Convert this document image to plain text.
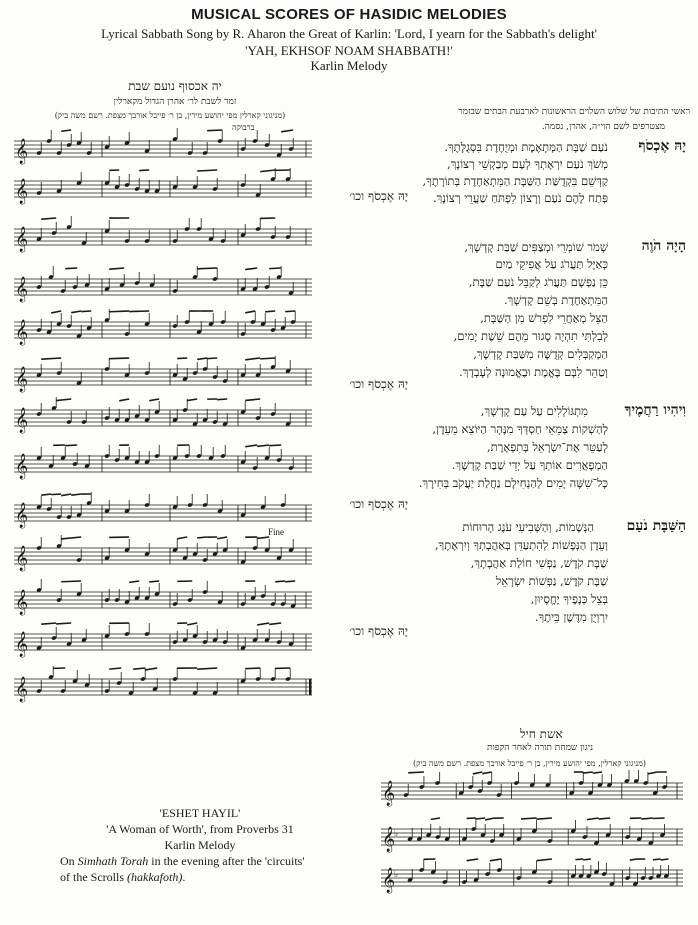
MUSICAL SCORES OF HASIDIC MELODIES
Lyrical Sabbath Song by R. Aharon the Great of Karlin: 'Lord, I yearn for the Sabbath's delight'
'YAH, EKHSOF NOAM SHABBATH!'
Karlin Melody
יה אכסוף נועם שבת
זמר לשבת לר׳ אהרן הגדול מקארלין
(מניגוני קארלין מפי יהושע מירין, בן ר׳ פייבל אורבך מצפת. רשם משה ביק)
ברבוקה
ראשי התיבות של שלוש השלוים הראשונות לארבעת הבתים שבזמר
מצטרפים לשם הוי״ה, אהרן, נסמה.
יָהּ אֶכְסֹף וכו׳
יָהּ אֶכְסֹף וכו׳
יָהּ אֶכְסֹף וכו׳
יָהּ אֶכְסֹף וכו׳
Fine
יָהּ אֶכְסֹף
נֹעַם שַׁבָּת הַמְּתָאֶמֶת וּמְיֻחֶדֶת בִּסְגֻלָּתֶךָ.
מְשֹׁךְ נֹעַם יִרְאָתְךָ לְעַם מְבַקְשֵׁי רְצוֹנָךְ,
קַדְּשֵׁם בִּקְדֻשַּׁת הַשַּׁבָּת הַמִּתְאַחֶדֶת בְּתוֹרָתֶךָ,
פְּתַח לָהֶם נֹעַם וְרָצוֹן לִפְתֹּחַ שַׁעֲרֵי רְצוֹנָךְ.
הָיָה הֹוֶה
שְׁמֹר שׁוֹמְרֵי וּמְצַפִּים שַׁבַּת קָדְשָׁךְ,
כְּאַיָּל תַּעֲרֹג עַל אֲפִיקֵי מַיִם
כֵּן נַפְשָׁם תַּעֲרֹג לְקַבֵּל נֹעַם שַׁבָּת,
הַמִּתְאַחֶדֶת בְּשֵׁם קָדְשָׁךְ.
הַצֵּל מְאַחֲרֵי לִפְרֹשׁ מִן הַשַּׁבָּת,
לְבִלְתִּי תִהְיֶה סָגוּר מֵהֶם שֵׁשֶׁת יָמִים,
הַמְקַבְּלִים קְדֻשָּׁה מִשַּׁבַּת קָדְשָׁךְ,
וְטַהֵר לִבָּם בֶּאֱמֶת וּבֶאֱמוּנָה לְעָבְדָךְ.
וִיהִיו רַחֲמֶיךָ
מִתְגּוֹלְלִים עַל עַם קָדְשָׁךְ,
לְהַשְׁקוֹת צְמֵאֵי חַסְדְּךָ מִנָּהָר הַיּוֹצֵא מֵעֵדֶן,
לְעַטֵּר אֶת־יִשְׂרָאֵל בְּתִפְאָרֶת,
הַמְפָאֲרִים אוֹתְךָ עַל יְדֵי שַׁבַּת קָדְשָׁךְ.
כָּל־שִׁשָּׁה יָמִים לְהַנְחִילָם נַחֲלַת יַעֲקֹב בְּחִירָךְ.
הַשַּׁבָּת נֹעַם
הַנְּשָׁמוֹת, וְהַשְּׁבִיעִי עֹנֶג הָרוּחוֹת
וְעֵדֶן הַנְּפָשׁוֹת לְהִתְעַדֵּן בְּאַהֲבָתְךָ וְיִרְאָתֶךָ,
שַׁבָּת קֹדֶשׁ, נַפְשִׁי חוֹלַת אַהֲבָתָךְ,
שַׁבָּת קֹדֶשׁ, נַפְשׁוֹת יִשְׂרָאֵל
בְּצֵל כְּנָפֶיךָ יֶחֱסָיוּן,
יִרְוְיֻן מִדֶּשֶׁן בֵּיתֶךָ.
𝄞
𝄞
𝄞
𝄞
𝄞
𝄞
𝄞
𝄞
𝄞
𝄞
𝄞
𝄞
𝄞
𝄞
𝄞
♭
𝄞
♭
אשת חיל
ניגון שמחת תורה לאחר הקפות
(מניגוני קארלין, מפי יהושע מירין, בן ר׳ פייבל אורבך מצפת. רשם משה ביק)
'ESHET HAYIL'
'A Woman of Worth', from Proverbs 31
Karlin Melody
On Simhath Torah in the evening after the 'circuits'
of the Scrolls (hakkafoth).
